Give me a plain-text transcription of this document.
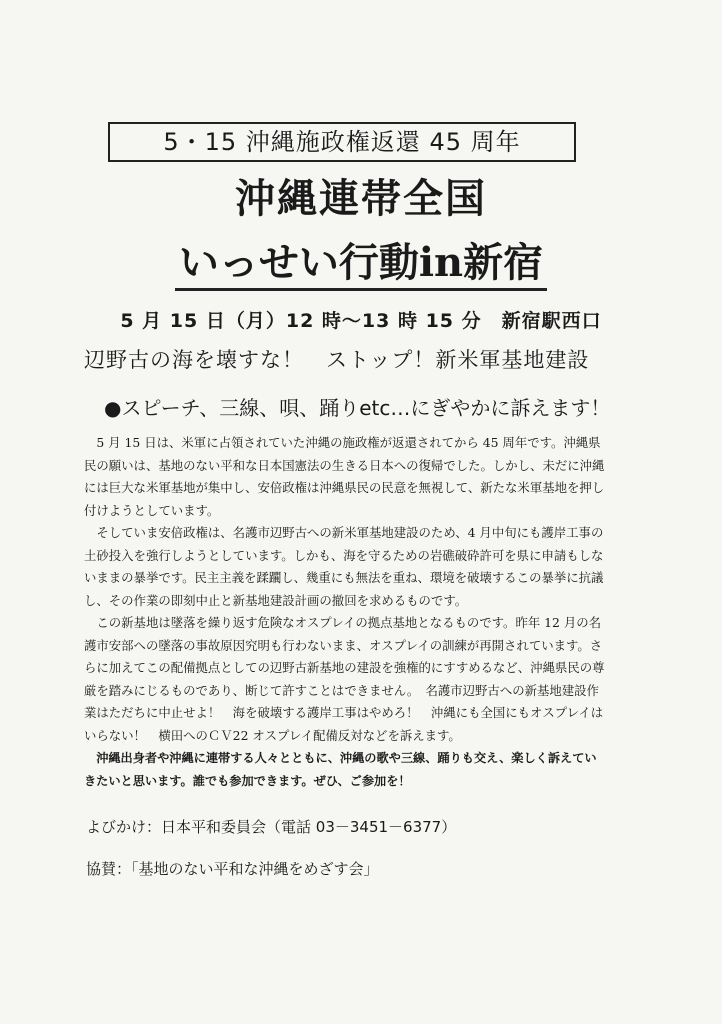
5・15 沖縄施政権返還 45 周年
沖縄連帯全国
いっせい行動in新宿
5 月 15 日（月）12 時～13 時 15 分　新宿駅西口
辺野古の海を壊すな！　ストップ！新米軍基地建設
●スピーチ、三線、唄、踊りetc…にぎやかに訴えます！

5 月 15 日は、米軍に占領されていた沖縄の施政権が返還されてから 45 周年です。沖縄県民の願いは、基地のない平和な日本国憲法の生きる日本への復帰でした。しかし、未だに沖縄には巨大な米軍基地が集中し、安倍政権は沖縄県民の民意を無視して、新たな米軍基地を押し付けようとしています。

そしていま安倍政権は、名護市辺野古への新米軍基地建設のため、4 月中旬にも護岸工事の土砂投入を強行しようとしています。しかも、海を守るための岩礁破砕許可を県に申請もしないままの暴挙です。民主主義を蹂躙し、幾重にも無法を重ね、環境を破壊するこの暴挙に抗議し、その作業の即刻中止と新基地建設計画の撤回を求めるものです。

この新基地は墜落を繰り返す危険なオスプレイの拠点基地となるものです。昨年 12 月の名護市安部への墜落の事故原因究明も行わないまま、オスプレイの訓練が再開されています。さらに加えてこの配備拠点としての辺野古新基地の建設を強権的にすすめるなど、沖縄県民の尊厳を踏みにじるものであり、断じて許すことはできません。　名護市辺野古への新基地建設作業はただちに中止せよ！　海を破壊する護岸工事はやめろ！　沖縄にも全国にもオスプレイはいらない！　横田へのＣＶ22 オスプレイ配備反対などを訴えます。

沖縄出身者や沖縄に連帯する人々とともに、沖縄の歌や三線、踊りも交え、楽しく訴えていきたいと思います。誰でも参加できます。ぜひ、ご参加を！

よびかけ：日本平和委員会（電話 03－3451－6377）
協賛：「基地のない平和な沖縄をめざす会」
